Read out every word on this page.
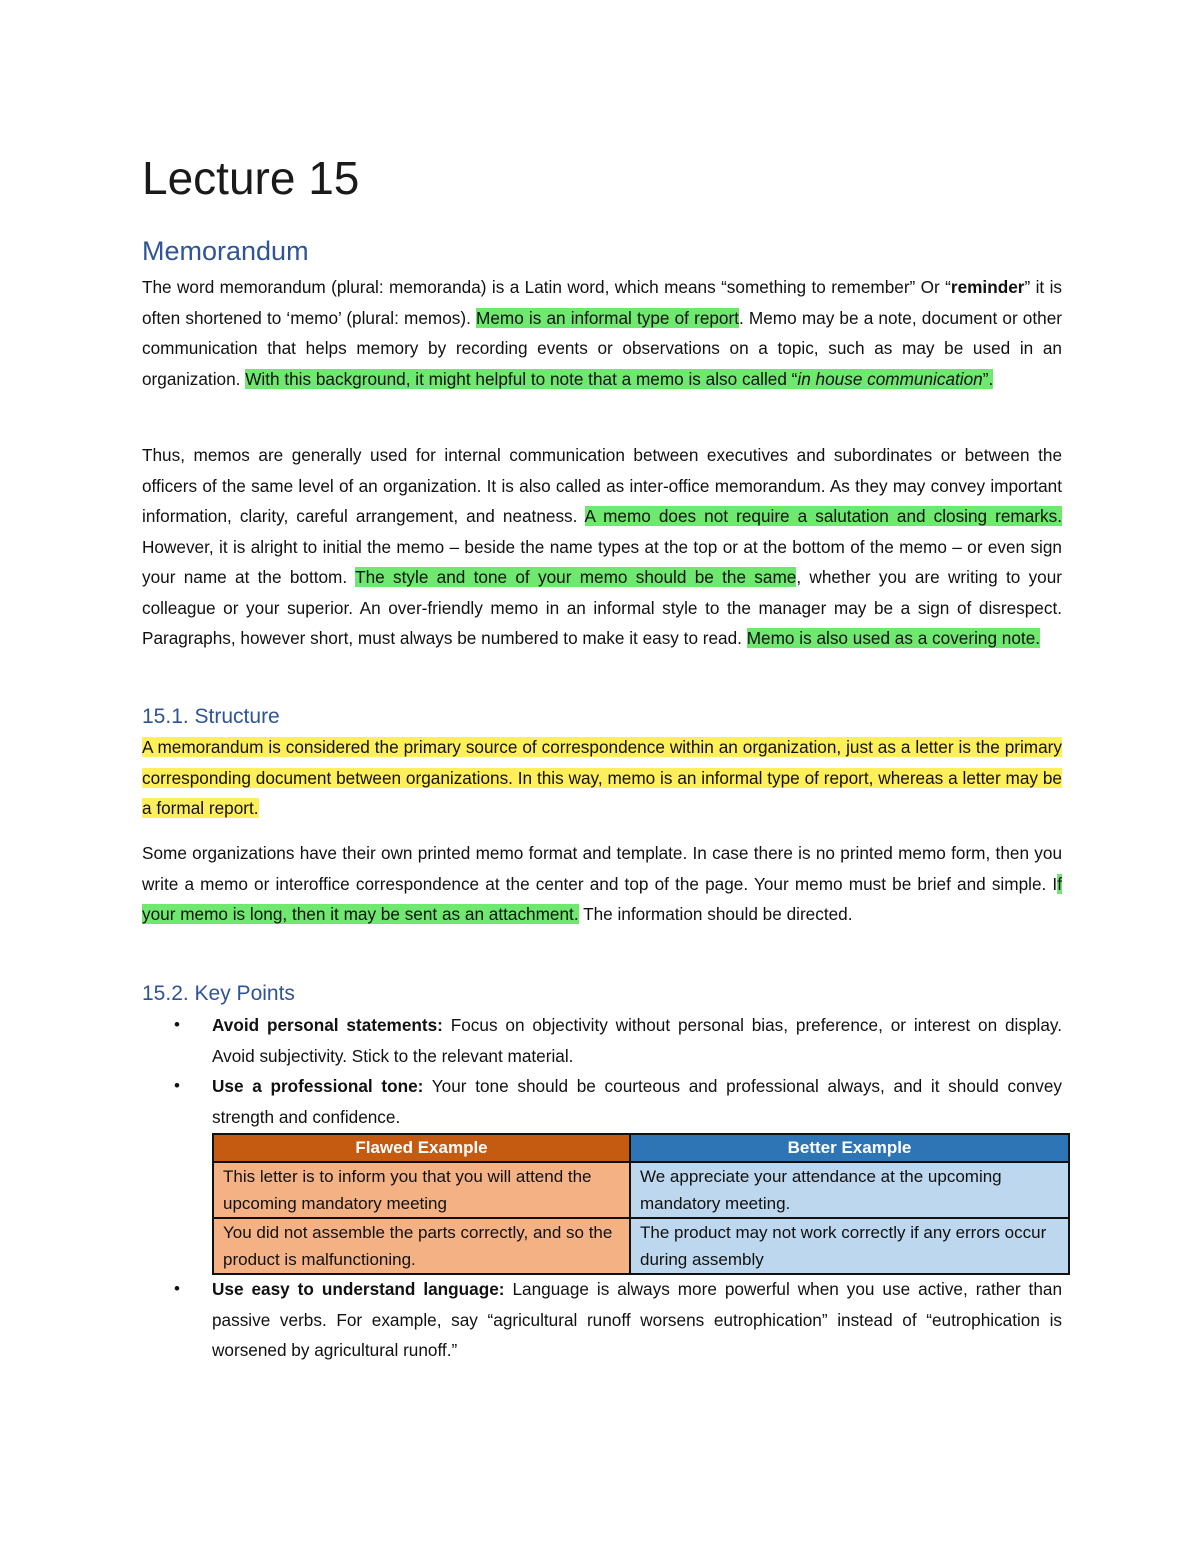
Lecture 15
Memorandum

The word memorandum (plural: memoranda) is a Latin word, which means “something to remember” Or “reminder” it is often shortened to ‘memo’ (plural: memos). Memo is an informal type of report. Memo may be a note, document or other communication that helps memory by recording events or observations on a topic, such as may be used in an organization. With this background, it might helpful to note that a memo is also called “in house communication”.

Thus, memos are generally used for internal communication between executives and subordinates or between the officers of the same level of an organization. It is also called as inter-office memorandum. As they may convey important information, clarity, careful arrangement, and neatness. A memo does not require a salutation and closing remarks. However, it is alright to initial the memo – beside the name types at the top or at the bottom of the memo – or even sign your name at the bottom. The style and tone of your memo should be the same, whether you are writing to your colleague or your superior. An over-friendly memo in an informal style to the manager may be a sign of disrespect. Paragraphs, however short, must always be numbered to make it easy to read. Memo is also used as a covering note.

15.1. Structure

A memorandum is considered the primary source of correspondence within an organization, just as a letter is the primary corresponding document between organizations. In this way, memo is an informal type of report, whereas a letter may be a formal report.

Some organizations have their own printed memo format and template. In case there is no printed memo form, then you write a memo or interoffice correspondence at the center and top of the page. Your memo must be brief and simple. If your memo is long, then it may be sent as an attachment. The information should be directed.

15.2. Key Points
• Avoid personal statements: Focus on objectivity without personal bias, preference, or interest on display. Avoid subjectivity. Stick to the relevant material.

• Use a professional tone: Your tone should be courteous and professional always, and it should convey strength and confidence.

Flawed Example	Better Example
This letter is to inform you that you will attend the upcoming mandatory meeting	We appreciate your attendance at the upcoming mandatory meeting.
You did not assemble the parts correctly, and so the product is malfunctioning.	The product may not work correctly if any errors occur during assembly
• Use easy to understand language: Language is always more powerful when you use active, rather than passive verbs. For example, say “agricultural runoff worsens eutrophication” instead of “eutrophication is worsened by agricultural runoff.”
